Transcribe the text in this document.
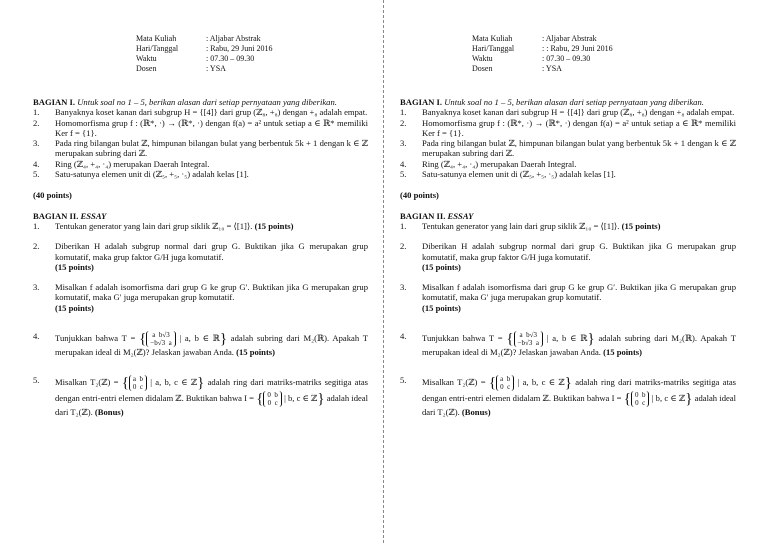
Mata Kuliah	: Aljabar Abstrak
Hari/Tanggal	: Rabu, 29 Juni 2016
Waktu	: 07.30 – 09.30
Dosen	: YSA
BAGIAN I. Untuk soal no 1 – 5, berikan alasan dari setiap pernyataan yang diberikan.
1.	Banyaknya koset kanan dari subgrup H = {[4]} dari grup (ℤ₈, +₈) dengan +₈ adalah empat.
2.	Homomorfisma grup f : (ℝ*, ·) → (ℝ*, ·) dengan f(a) = a² untuk setiap a ∈ ℝ* memiliki Ker f = {1}.
3.	Pada ring bilangan bulat ℤ, himpunan bilangan bulat yang berbentuk 5k + 1 dengan k ∈ ℤ merupakan subring dari ℤ.
4.	Ring (ℤ₄, +₄, ·₄) merupakan Daerah Integral.
5.	Satu-satunya elemen unit di (ℤ₅, +₅, ·₅) adalah kelas [1].
(40 points)
BAGIAN II. ESSAY
1.	Tentukan generator yang lain dari grup siklik ℤ₁₀ = ⟨[1]⟩. (15 points)
2.	Diberikan H adalah subgrup normal dari grup G. Buktikan jika G merupakan grup komutatif, maka grup faktor G/H juga komutatif.
(15 points)
3.	Misalkan f adalah isomorfisma dari grup G ke grup G′. Buktikan jika G merupakan grup komutatif, maka G′ juga merupakan grup komutatif.
(15 points)
4.	Tunjukkan bahwa T = { a b√3
−b√3 a | a, b ∈ ℝ} adalah subring dari M₂(ℝ). Apakah T merupakan ideal di M₂(ℤ)? Jelaskan jawaban Anda. (15 points)
5.	Misalkan T₂(ℤ) = { a b
0 c | a, b, c ∈ ℤ} adalah ring dari matriks-matriks segitiga atas dengan entri-entri elemen didalam ℤ. Buktikan bahwa I = { 0 b
0 c | b, c ∈ ℤ} adalah ideal dari T₂(ℤ). (Bonus)
Mata Kuliah	: Aljabar Abstrak
Hari/Tanggal	: : Rabu, 29 Juni 2016
Waktu	: 07.30 – 09.30
Dosen	: YSA
BAGIAN I. Untuk soal no 1 – 5, berikan alasan dari setiap pernyataan yang diberikan.
1.	Banyaknya koset kanan dari subgrup H = {[4]} dari grup (ℤ₈, +₈) dengan +₈ adalah empat.
2.	Homomorfisma grup f : (ℝ*, ·) → (ℝ*, ·) dengan f(a) = a² untuk setiap a ∈ ℝ* memiliki Ker f = {1}.
3.	Pada ring bilangan bulat ℤ, himpunan bilangan bulat yang berbentuk 5k + 1 dengan k ∈ ℤ merupakan subring dari ℤ.
4.	Ring (ℤ₄, +₄, ·₄) merupakan Daerah Integral.
5.	Satu-satunya elemen unit di (ℤ₅, +₅, ·₅) adalah kelas [1].
(40 points)
BAGIAN II. ESSAY
1.	Tentukan generator yang lain dari grup siklik ℤ₁₀ = ⟨[1]⟩. (15 points)
2.	Diberikan H adalah subgrup normal dari grup G. Buktikan jika G merupakan grup komutatif, maka grup faktor G/H juga komutatif.
(15 points)
3.	Misalkan f adalah isomorfisma dari grup G ke grup G′. Buktikan jika G merupakan grup komutatif, maka G′ juga merupakan grup komutatif.
(15 points)
4.	Tunjukkan bahwa T = { a b√3
−b√3 a | a, b ∈ ℝ} adalah subring dari M₂(ℝ). Apakah T merupakan ideal di M₂(ℤ)? Jelaskan jawaban Anda. (15 points)
5.	Misalkan T₂(ℤ) = { a b
0 c | a, b, c ∈ ℤ} adalah ring dari matriks-matriks segitiga atas dengan entri-entri elemen didalam ℤ. Buktikan bahwa I = { 0 b
0 c | b, c ∈ ℤ} adalah ideal dari T₂(ℤ). (Bonus)
